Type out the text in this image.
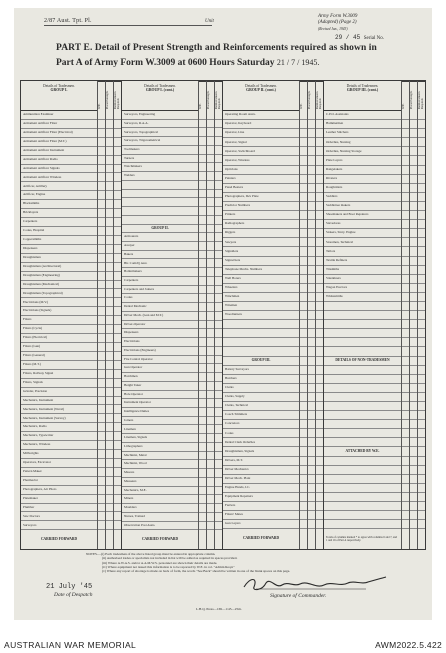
2/87 Aust. Tpt. Pl.	Unit
Army Form W.3009
(Adapted) (Page 2)
(Revised Jan., 1943)
29 / 45 Serial No.
PART E. Detail of Present Strength and Reinforcements required as shown in
Part A of Army Form W.3009 at 0600 Hours Saturday 21 / 7 / 1945.
Details of Tradesmen.
GROUP I.
Ammunition Examiner
Armament Artificer Fitter
Armament Artificer Fitter (Electrical)
Armament Artificer Fitter (M.T.)
Armament Artificer Instrument
Armament Artificer Radio
Armament Artificer Signals
Armament Artificer Wireless
Artificer, Artillery
Artificer, Engine
Blacksmiths
Bricklayers
Carpenters
Cooks, Hospital
Coppersmiths
Dispensers
Draughtsmen
Draughtsmen (Architectural)
Draughtsmen (Engineering)
Draughtsmen (Mechanical)
Draughtsmen (Topographical)
Electricians (M.V.)
Electricians (Signals)
Fitters
Fitters (Cycle)
Fitters (Electrical)
Fitters (Gun)
Fitters (General)
Fitters (M.T.)
Fitters, Railway Signal
Fitters, Signals
Grinder, Precision
Mechanics, Instrument
Mechanics, Instrument (Naval)
Mechanics, Instrument (Survey)
Mechanics, Radio
Mechanics, Typewriter
Mechanics, Wireless
Millwrights
Operators, Excavator
Pattern Maker
Pharmacist
Photographers, Air Photo
Platemaker
Plumber
Saw Doctors
Surveyors
CARRIED FORWARD
W.E.	Posted Strength.	Reinforcements Required.
Details of Tradesmen.
GROUP I. (cont.)
Surveyors, Engineering
Surveyors, R.A.A.
Surveyors, Topographical
Surveyors, Trigonometrical
Toolmakers
Turners
Watchmakers
Welders
GROUP II.
Armourers
Assayer
Bakers
Bir. Comd'g Asst.
Boilermakers
Carpenters
Carpenters and Joiners
Cooks
Dental Mechanic
Driver Mech. (Gun and M.T.)
Driver-Operator
Dispensers
Electricians
Electricians (Engineers)
Fire Control Operator
Gun Operator
Hatchmen
Height Taker
Hole Operator
Instrument Operator
Intelligence Duties
Joiners
Linemen
Linemen, Signals
Lithographers
Machinist, Metal
Machinist, Wood
Masons
Masseurs
Mechanics, M.E.
Miners
Moulders
Nurses, Trained
Observation Post Assts.
CARRIED FORWARD
W.E.	Posted Strength.	Reinforcements Required.
Details of Tradesmen.
GROUP II. (cont.)
Operating Room Assts.
Operator, Keyboard
Operator, Line
Operator, Signal
Operator, Switchboard
Operator, Wireless
Opticians
Painters
Panel Beaters
Photographers, Dev Plate
Predictor Numbers
Printers
Radiographers
Riggers
Sawyers
Signallers
Signwriters
Telephone Mechs. Numbers
Well Borers
Wheelers
Winchmen
Wiremen
Woodturners
GROUP III.
Battery Surveyors
Butchers
Clerks
Clerks, Supply
Clerks, Technical
Coach Trimmers
Concretors
Cooks
Dental Clerk Orderlies
Draughtsmen, Signals
Drivers, M.T.
Driver Mechanics
Driver Mech. Plant
Engine Hands, I.C.
Equipment Repairers
Farriers
Fitters' Mates
Gun Layers
CARRIED FORWARD
W.E.	Posted Strength.	Reinforcements Required.
Details of Tradesmen.
GROUP III. (cont.)
C.P.O. Assistants
Hammermen
Leather Stitchers
Orderlies, Nursing
Orderlies, Nursing Storage
Plate Layers
Rangetakers
Riveters
Roughriders
Saddlers
Saddletree makers
Shoemakers and Boot Repairers
Stevedores
Stokers, Stnry. Engine
Storemen, Technical
Tailors
Textile Refiners
Tinsmiths
Valentiners
Wagon Erectors
Whitesmiths
DETAILS OF NON-TRADESMEN
ATTACHED BY W.E.
Totals of columns marked * to agree with columns 6 and 7, and 1 and 16 of Part A respectively.
W.E.	Posted Strength.	Reinforcements Required.
NOTES.—(i) Each tradesman of the above listed group must be entered in appropriate column.
(ii) Authorised trades or specialists not included in list will be added as required in spaces provided.
(iii) Where A.W.A.S. and/or A.A.M.W.S. personnel are shown their details are made.
(iv) Where equipment not issued this information is to be reported by W.E. in col. "Admin Reqd."
(v) Where any report of shortage is made on back of form, the words "See Back" should be written in one of the blank spaces on this page.
21 July '45
Date of Despatch	Signature of Commander.
L.H.Q. Press—169—1/45—25m.
AUSTRALIAN WAR MEMORIAL	AWM2022.5.422
